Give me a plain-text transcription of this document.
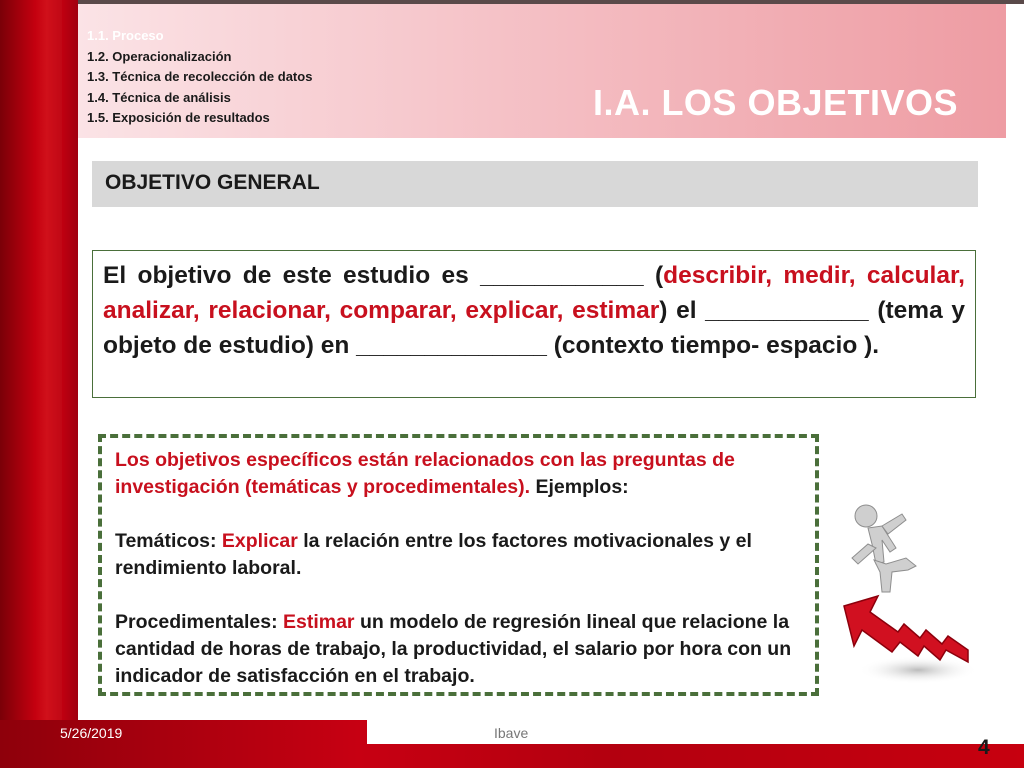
1.1. Proceso
1.2. Operacionalización
1.3. Técnica de recolección de datos
1.4. Técnica de análisis
1.5. Exposición de resultados	I.A. LOS OBJETIVOS
OBJETIVO GENERAL
El objetivo de este estudio es ____________ (describir, medir, calcular, analizar, relacionar, comparar, explicar, estimar) el ____________ (tema y objeto de estudio) en ______________ (contexto tiempo- espacio ).

Los objetivos específicos están relacionados con las preguntas de investigación (temáticas y procedimentales). Ejemplos:

Temáticos: Explicar la relación entre los factores motivacionales y el rendimiento laboral.

Procedimentales: Estimar un modelo de regresión lineal que relacione la cantidad de horas de trabajo, la productividad, el salario por hora con un indicador de satisfacción en el trabajo.

5/26/2019	Ibave
4
